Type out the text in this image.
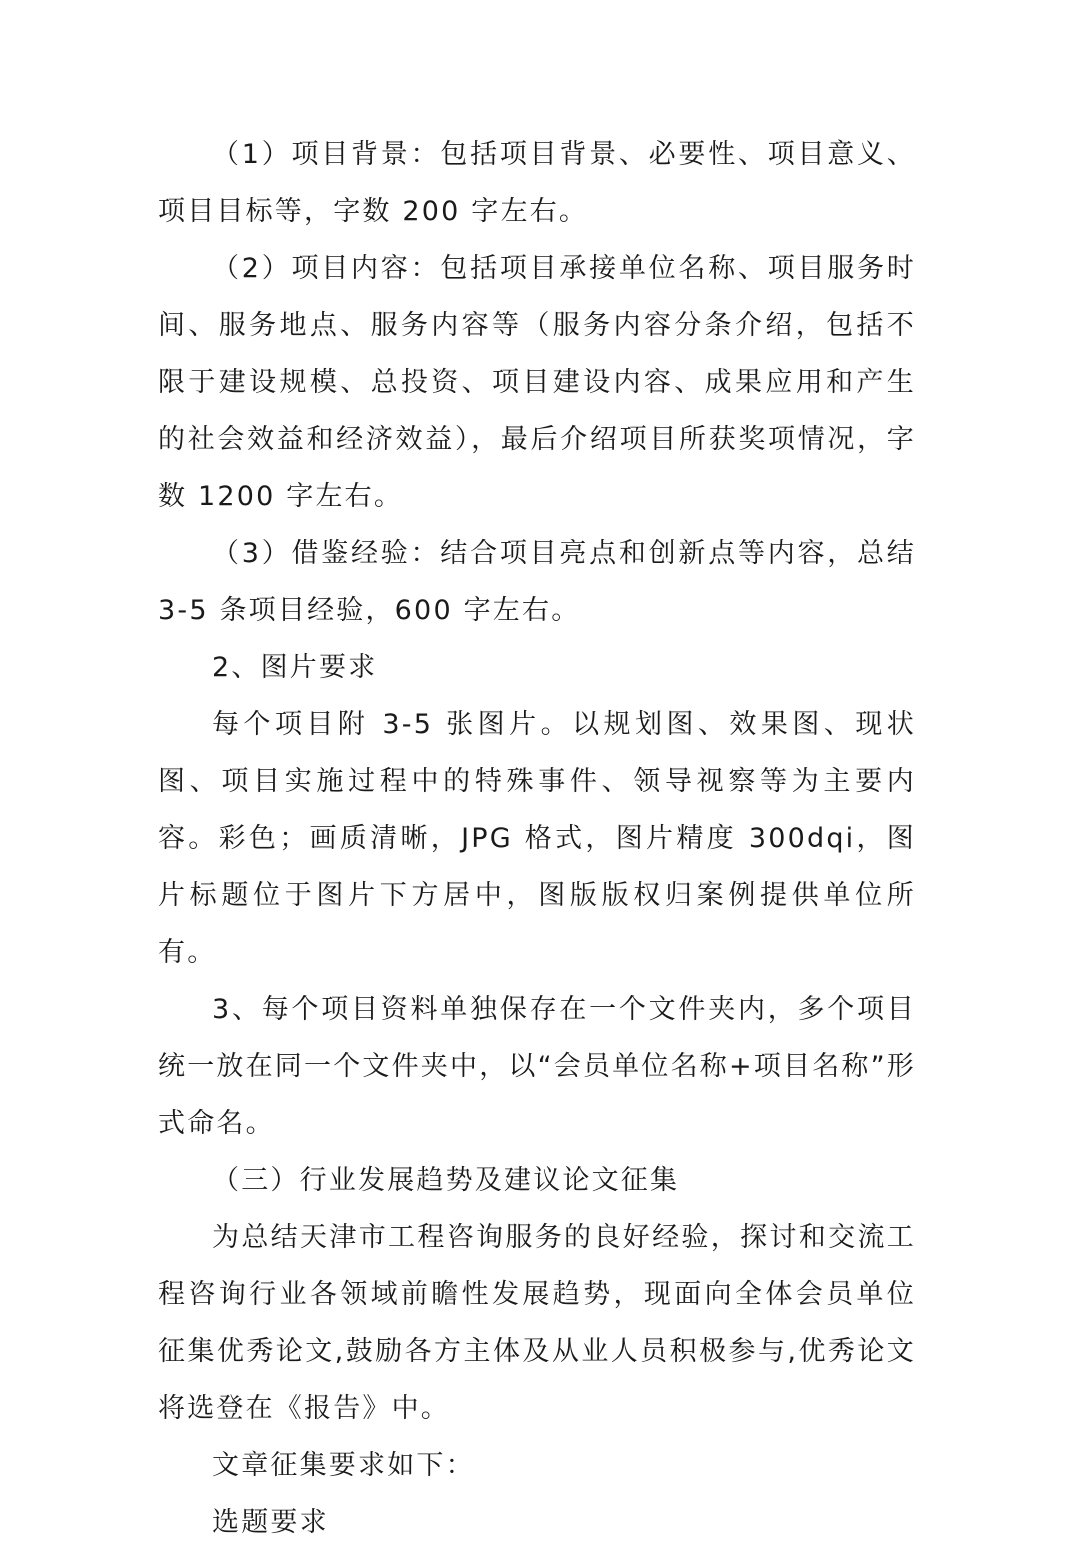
（1）项目背景：包括项目背景、必要性、项目意义、项目目标等，字数 200 字左右。

（2）项目内容：包括项目承接单位名称、项目服务时间、服务地点、服务内容等（服务内容分条介绍，包括不限于建设规模、总投资、项目建设内容、成果应用和产生的社会效益和经济效益），最后介绍项目所获奖项情况，字数 1200 字左右。

（3）借鉴经验：结合项目亮点和创新点等内容，总结 3-5 条项目经验，600 字左右。

2、图片要求

每个项目附 3-5 张图片。以规划图、效果图、现状图、项目实施过程中的特殊事件、领导视察等为主要内容。彩色；画质清晰，JPG 格式，图片精度 300dqi，图片标题位于图片下方居中，图版版权归案例提供单位所有。

3、每个项目资料单独保存在一个文件夹内，多个项目统一放在同一个文件夹中，以“会员单位名称+项目名称”形式命名。

（三）行业发展趋势及建议论文征集

为总结天津市工程咨询服务的良好经验，探讨和交流工程咨询行业各领域前瞻性发展趋势，现面向全体会员单位征集优秀论文,鼓励各方主体及从业人员积极参与,优秀论文将选登在《报告》中。

文章征集要求如下：

选题要求
